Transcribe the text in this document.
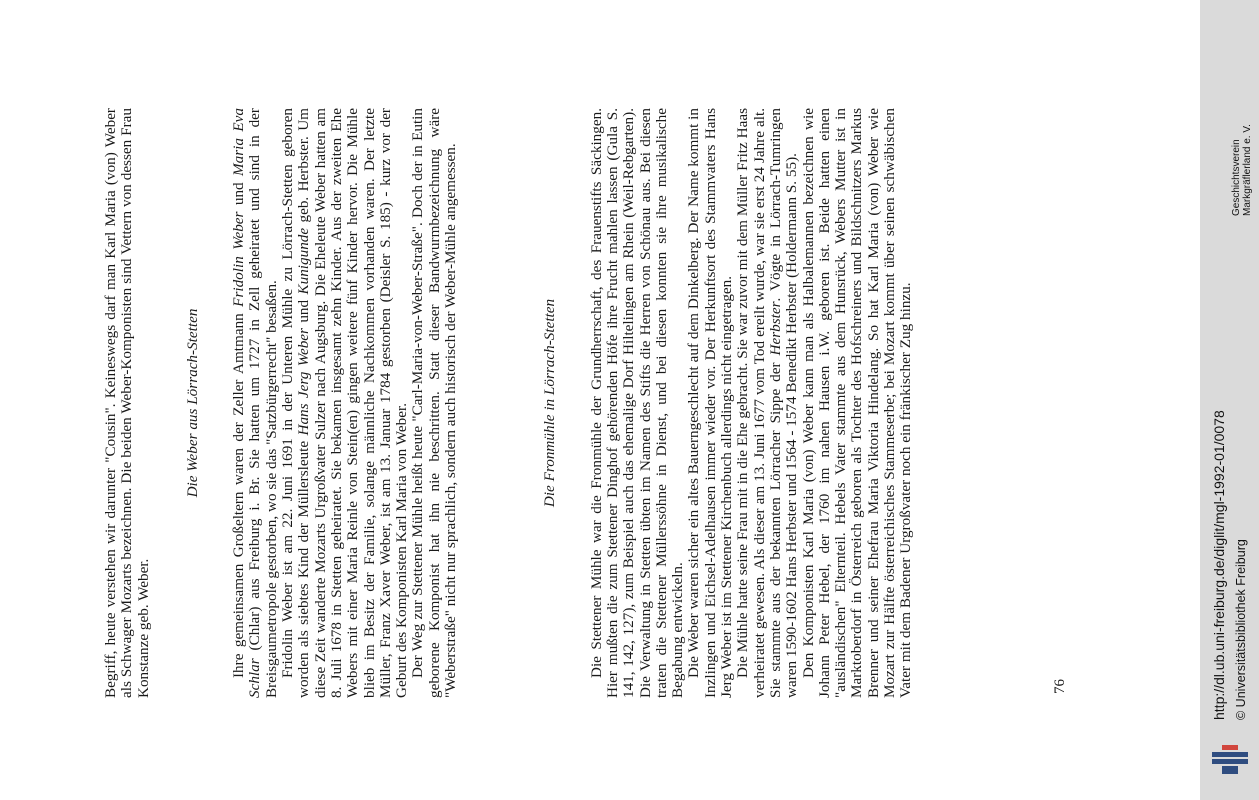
Begriff, heute verstehen wir darunter "Cousin". Keineswegs darf man Karl Maria (von) Weber als Schwager Mozarts bezeichnen. Die beiden Weber-Komponisten sind Vettern von dessen Frau Konstanze geb. Weber.

Die Weber aus Lörrach-Stetten Ihre gemeinsamen Großeltern waren der Zeller Amtmann Fridolin Weber und Maria Eva Schlar (Chlar) aus Freiburg i. Br. Sie hatten um 1727 in Zell geheiratet und sind in der Breisgaumetropole gestorben, wo sie das "Satzbürgerrecht" besaßen. Fridolin Weber ist am 22. Juni 1691 in der Unteren Mühle zu Lörrach-Stetten geboren worden als siebtes Kind der Müllersleute Hans Jerg Weber und Kunigunde geb. Herbster. Um diese Zeit wanderte Mozarts Urgroßvater Sulzer nach Augsburg. Die Eheleute Weber hatten am 8. Juli 1678 in Stetten geheiratet. Sie bekamen insgesamt zehn Kinder. Aus der zweiten Ehe Webers mit einer Maria Reinle von Stein(en) gingen weitere fünf Kinder hervor. Die Mühle blieb im Besitz der Familie, solange männliche Nachkommen vorhanden waren. Der letzte Müller, Franz Xaver Weber, ist am 13. Januar 1784 gestorben (Deisler S. 185) - kurz vor der Geburt des Komponisten Karl Maria von Weber. Der Weg zur Stettener Mühle heißt heute "Carl-Maria-von-Weber-Straße". Doch der in Eutin geborene Komponist hat ihn nie beschritten. Statt dieser Bandwurmbezeichnung wäre "Weberstraße" nicht nur sprachlich, sondern auch historisch der Weber-Mühle angemessen.	Die Fronmühle in Lörrach-Stetten Die Stettener Mühle war die Fronmühle der Grundherrschaft, des Frauenstifts Säckingen. Hier mußten die zum Stettener Dinghof gehörenden Höfe ihre Frucht mahlen lassen (Gula S. 141, 142, 127), zum Beispiel auch das ehemalige Dorf Hiltelingen am Rhein (Weil-Rebgarten). Die Verwaltung in Stetten übten im Namen des Stifts die Herren von Schönau aus. Bei diesen traten die Stettener Müllerssöhne in Dienst, und bei diesen konnten sie ihre musikalische Begabung entwickeln. Die Weber waren sicher ein altes Bauerngeschlecht auf dem Dinkelberg. Der Name kommt in Inzlingen und Eichsel-Adelhausen immer wieder vor. Der Herkunftsort des Stammvaters Hans Jerg Weber ist im Stettener Kirchenbuch allerdings nicht eingetragen. Die Mühle hatte seine Frau mit in die Ehe gebracht. Sie war zuvor mit dem Müller Fritz Haas verheiratet gewesen. Als dieser am 13. Juni 1677 vom Tod ereilt wurde, war sie erst 24 Jahre alt. Sie stammte aus der bekannten Lörracher Sippe der Herbster. Vögte in Lörrach-Tumringen waren 1590-1602 Hans Herbster und 1564 - 1574 Benedikt Herbster (Holdermann S. 55). Den Komponisten Karl Maria (von) Weber kann man als Halbalemannen bezeichnen wie Johann Peter Hebel, der 1760 im nahen Hausen i.W. geboren ist. Beide hatten einen "ausländischen" Elternteil. Hebels Vater stammte aus dem Hunsrück, Webers Mutter ist in Marktoberdorf in Österreich geboren als Tochter des Hofschreiners und Bildschnitzers Markus Brenner und seiner Ehefrau Maria Viktoria Hindelang. So hat Karl Maria (von) Weber wie Mozart zur Hälfte österreichisches Stammeserbe; bei Mozart kommt über seinen schwäbischen Vater mit dem Badener Urgroßvater noch ein fränkischer Zug hinzu.	76	http://dl.ub.uni-freiburg.de/diglit/mgl-1992-01/0078 © Universitätsbibliothek Freiburg
Geschichtsverein Markgräflerland e. V.
